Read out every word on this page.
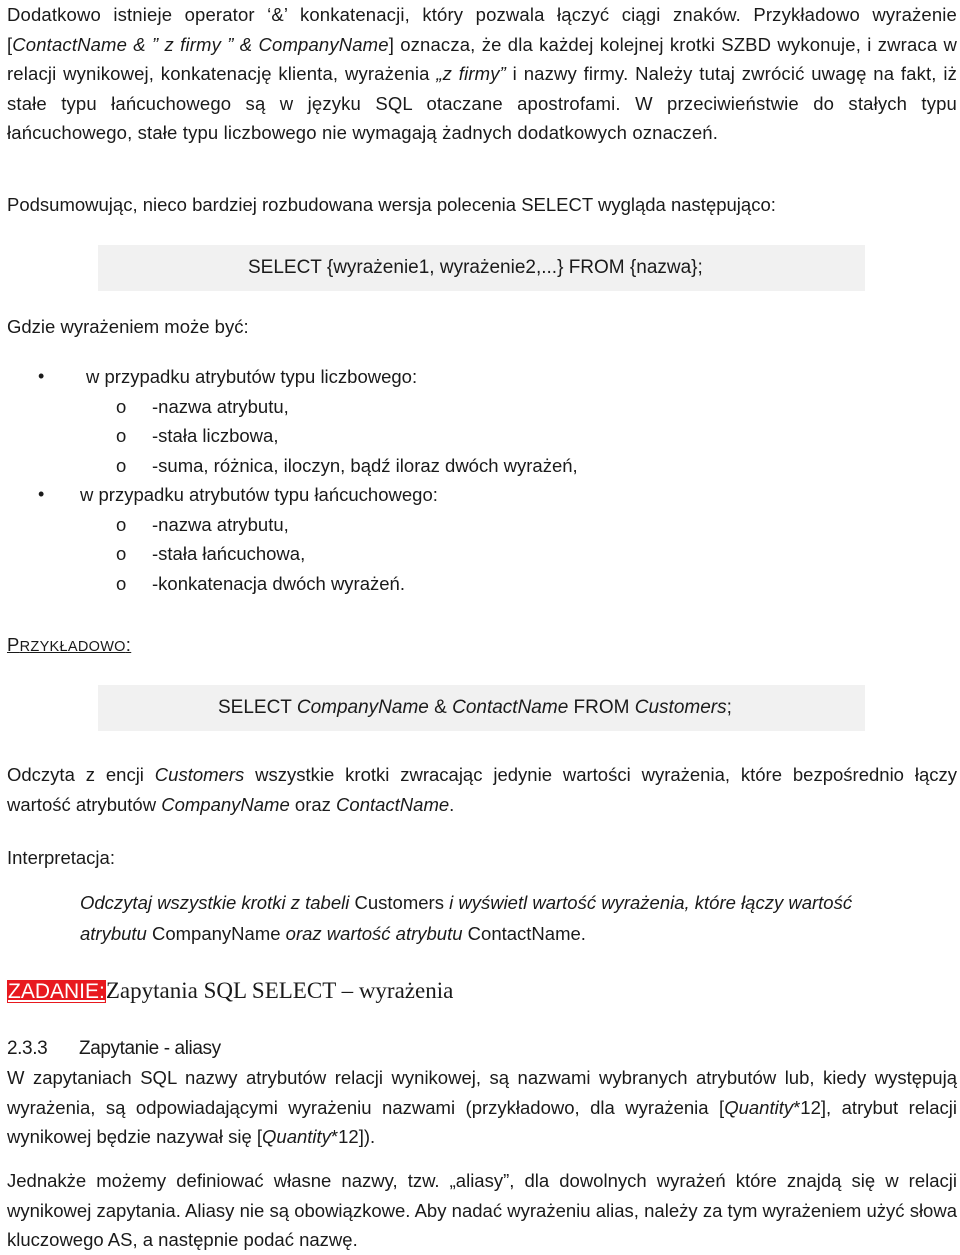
Dodatkowo istnieje operator ‘&’ konkatenacji, który pozwala łączyć ciągi znaków. Przykładowo wyrażenie [ContactName & ” z firmy ” & CompanyName] oznacza, że dla każdej kolejnej krotki SZBD wykonuje, i zwraca w relacji wynikowej, konkatenację klienta, wyrażenia „z firmy” i nazwy firmy. Należy tutaj zwrócić uwagę na fakt, iż stałe typu łańcuchowego są w języku SQL otaczane apostrofami. W przeciwieństwie do stałych typu łańcuchowego, stałe typu liczbowego nie wymagają żadnych dodatkowych oznaczeń.

Podsumowując, nieco bardziej rozbudowana wersja polecenia SELECT wygląda następująco:

SELECT {wyrażenie1, wyrażenie2,...} FROM {nazwa};

Gdzie wyrażeniem może być:

• w przypadku atrybutów typu liczbowego:
o -nazwa atrybutu,
o -stała liczbowa,
o -suma, różnica, iloczyn, bądź iloraz dwóch wyrażeń,
• w przypadku atrybutów typu łańcuchowego:
o -nazwa atrybutu,
o -stała łańcuchowa,
o -konkatenacja dwóch wyrażeń.

PRZYKŁADOWO:

SELECT CompanyName & ContactName FROM Customers;

Odczyta z encji Customers wszystkie krotki zwracając jedynie wartości wyrażenia, które bezpośrednio łączy wartość atrybutów CompanyName oraz ContactName.

Interpretacja:

Odczytaj wszystkie krotki z tabeli Customers i wyświetl wartość wyrażenia, które łączy wartość atrybutu CompanyName oraz wartość atrybutu ContactName.

ZADANIE:Zapytania SQL SELECT – wyrażenia

2.3.3 Zapytanie - aliasy

W zapytaniach SQL nazwy atrybutów relacji wynikowej, są nazwami wybranych atrybutów lub, kiedy występują wyrażenia, są odpowiadającymi wyrażeniu nazwami (przykładowo, dla wyrażenia [Quantity*12], atrybut relacji wynikowej będzie nazywał się [Quantity*12]).

Jednakże możemy definiować własne nazwy, tzw. „aliasy”, dla dowolnych wyrażeń które znajdą się w relacji wynikowej zapytania. Aliasy nie są obowiązkowe. Aby nadać wyrażeniu alias, należy za tym wyrażeniem użyć słowa kluczowego AS, a następnie podać nazwę.
